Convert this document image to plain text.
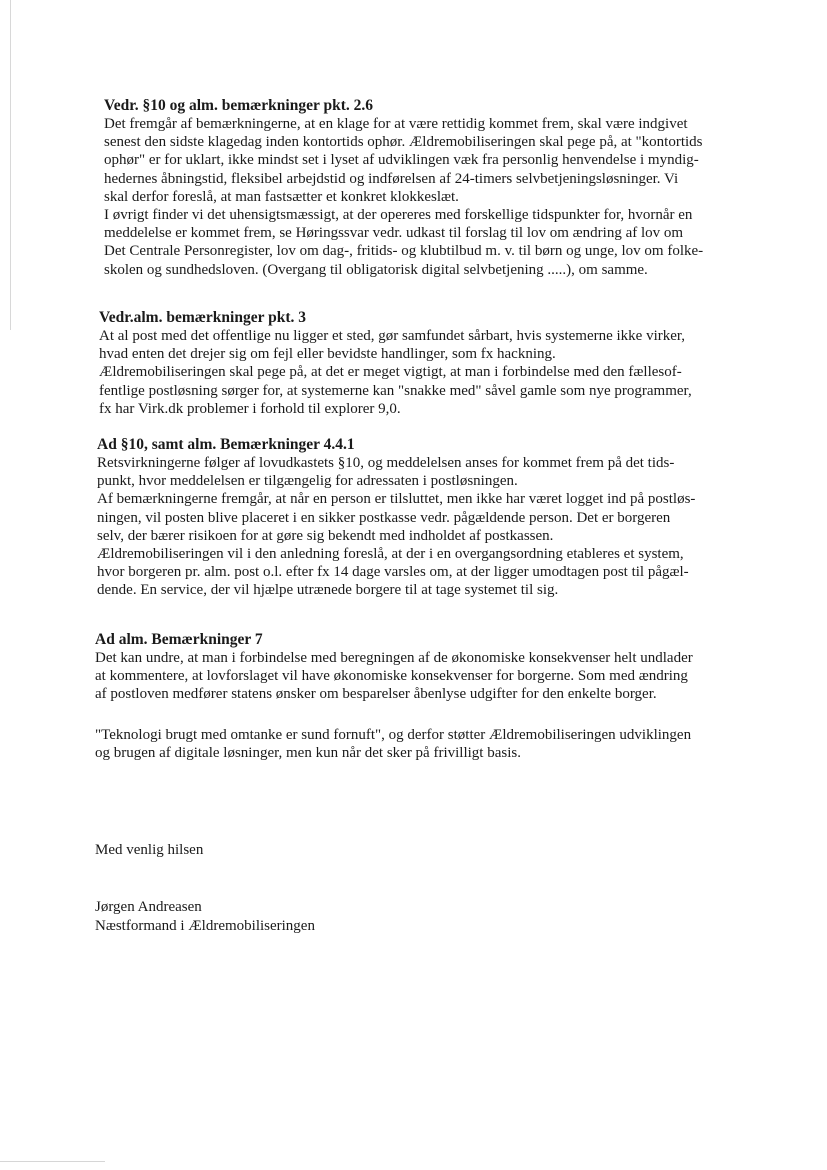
Vedr. §10 og alm. bemærkninger pkt. 2.6
Det fremgår af bemærkningerne, at en klage for at være rettidig kommet frem, skal være indgivet
senest den sidste klagedag inden kontortids ophør. Ældremobiliseringen skal pege på, at "kontortids
ophør" er for uklart, ikke mindst set i lyset af udviklingen væk fra personlig henvendelse i myndig-
hedernes åbningstid, fleksibel arbejdstid og indførelsen af 24-timers selvbetjeningsløsninger. Vi
skal derfor foreslå, at man fastsætter et konkret klokkeslæt.
I øvrigt finder vi det uhensigtsmæssigt, at der opereres med forskellige tidspunkter for, hvornår en
meddelelse er kommet frem, se Høringssvar vedr. udkast til forslag til lov om ændring af lov om
Det Centrale Personregister, lov om dag-, fritids- og klubtilbud m. v. til børn og unge, lov om folke-
skolen og sundhedsloven. (Overgang til obligatorisk digital selvbetjening .....), om samme.
Vedr.alm. bemærkninger pkt. 3
At al post med det offentlige nu ligger et sted, gør samfundet sårbart, hvis systemerne ikke virker,
hvad enten det drejer sig om fejl eller bevidste handlinger, som fx hackning.
Ældremobiliseringen skal pege på, at det er meget vigtigt, at man i forbindelse med den fællesof-
fentlige postløsning sørger for, at systemerne kan "snakke med" såvel gamle som nye programmer,
fx har Virk.dk problemer i forhold til explorer 9,0.
Ad §10, samt alm. Bemærkninger 4.4.1
Retsvirkningerne følger af lovudkastets §10, og meddelelsen anses for kommet frem på det tids-
punkt, hvor meddelelsen er tilgængelig for adressaten i postløsningen.
Af bemærkningerne fremgår, at når en person er tilsluttet, men ikke har været logget ind på postløs-
ningen, vil posten blive placeret i en sikker postkasse vedr. pågældende person. Det er borgeren
selv, der bærer risikoen for at gøre sig bekendt med indholdet af postkassen.
Ældremobiliseringen vil i den anledning foreslå, at der i en overgangsordning etableres et system,
hvor borgeren pr. alm. post o.l. efter fx 14 dage varsles om, at der ligger umodtagen post til pågæl-
dende. En service, der vil hjælpe utrænede borgere til at tage systemet til sig.
Ad alm. Bemærkninger 7
Det kan undre, at man i forbindelse med beregningen af de økonomiske konsekvenser helt undlader
at kommentere, at lovforslaget vil have økonomiske konsekvenser for borgerne. Som med ændring
af postloven medfører statens ønsker om besparelser åbenlyse udgifter for den enkelte borger.
"Teknologi brugt med omtanke er sund fornuft", og derfor støtter Ældremobiliseringen udviklingen
og brugen af digitale løsninger, men kun når det sker på frivilligt basis.
Med venlig hilsen
Jørgen Andreasen
Næstformand i Ældremobiliseringen
